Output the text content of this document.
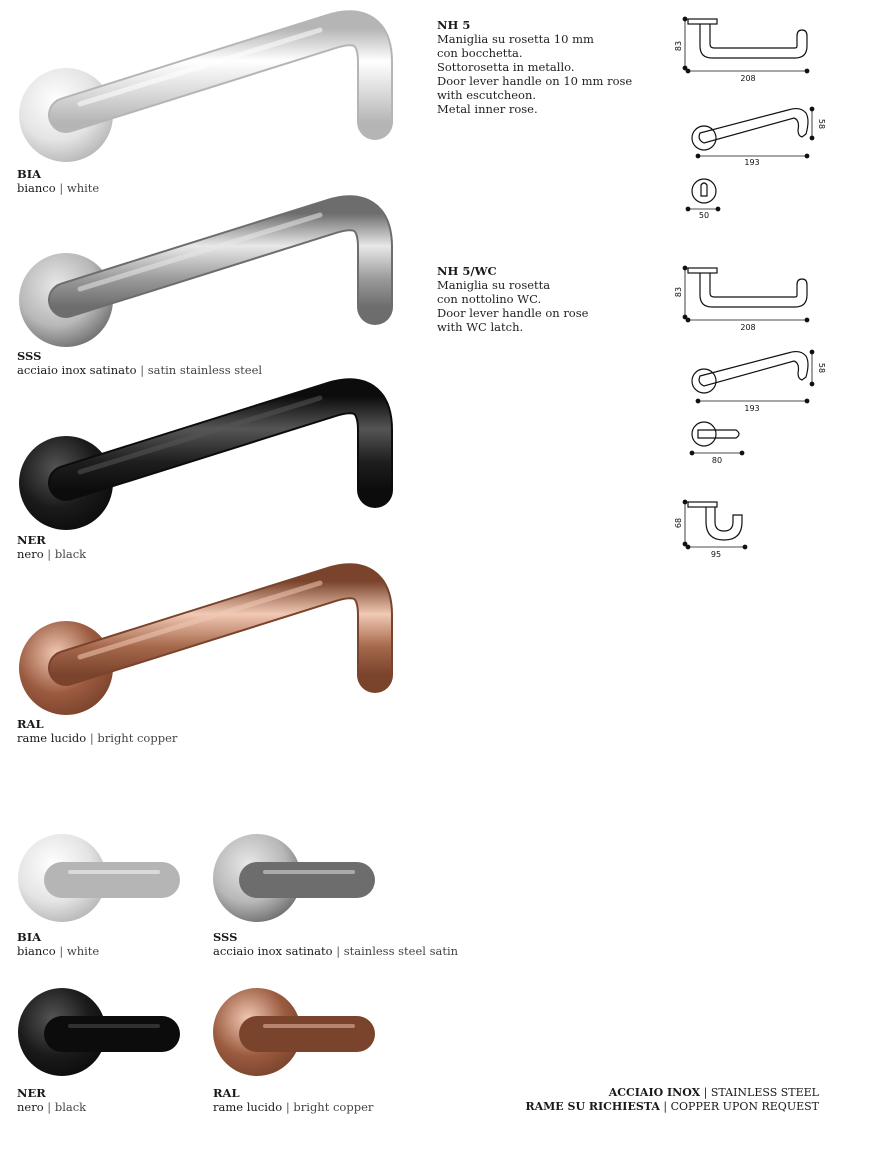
BIA
bianco | white
SSS
acciaio inox satinato | satin stainless steel
NER
nero | black
RAL
rame lucido | bright copper
NH 5
Maniglia su rosetta 10 mm
con bocchetta.
Sottorosetta in metallo.
Door lever handle on 10 mm rose
with escutcheon.
Metal inner rose.
NH 5/WC
Maniglia su rosetta
con nottolino WC.
Door lever handle on rose
with WC latch.
83
208
58
193
50
83
208
58
193
80
68
95
BIA
bianco | white
SSS
acciaio inox satinato | stainless steel satin
NER
nero | black
RAL
rame lucido | bright copper
ACCIAIO INOX | STAINLESS STEEL
RAME SU RICHIESTA | COPPER UPON REQUEST
